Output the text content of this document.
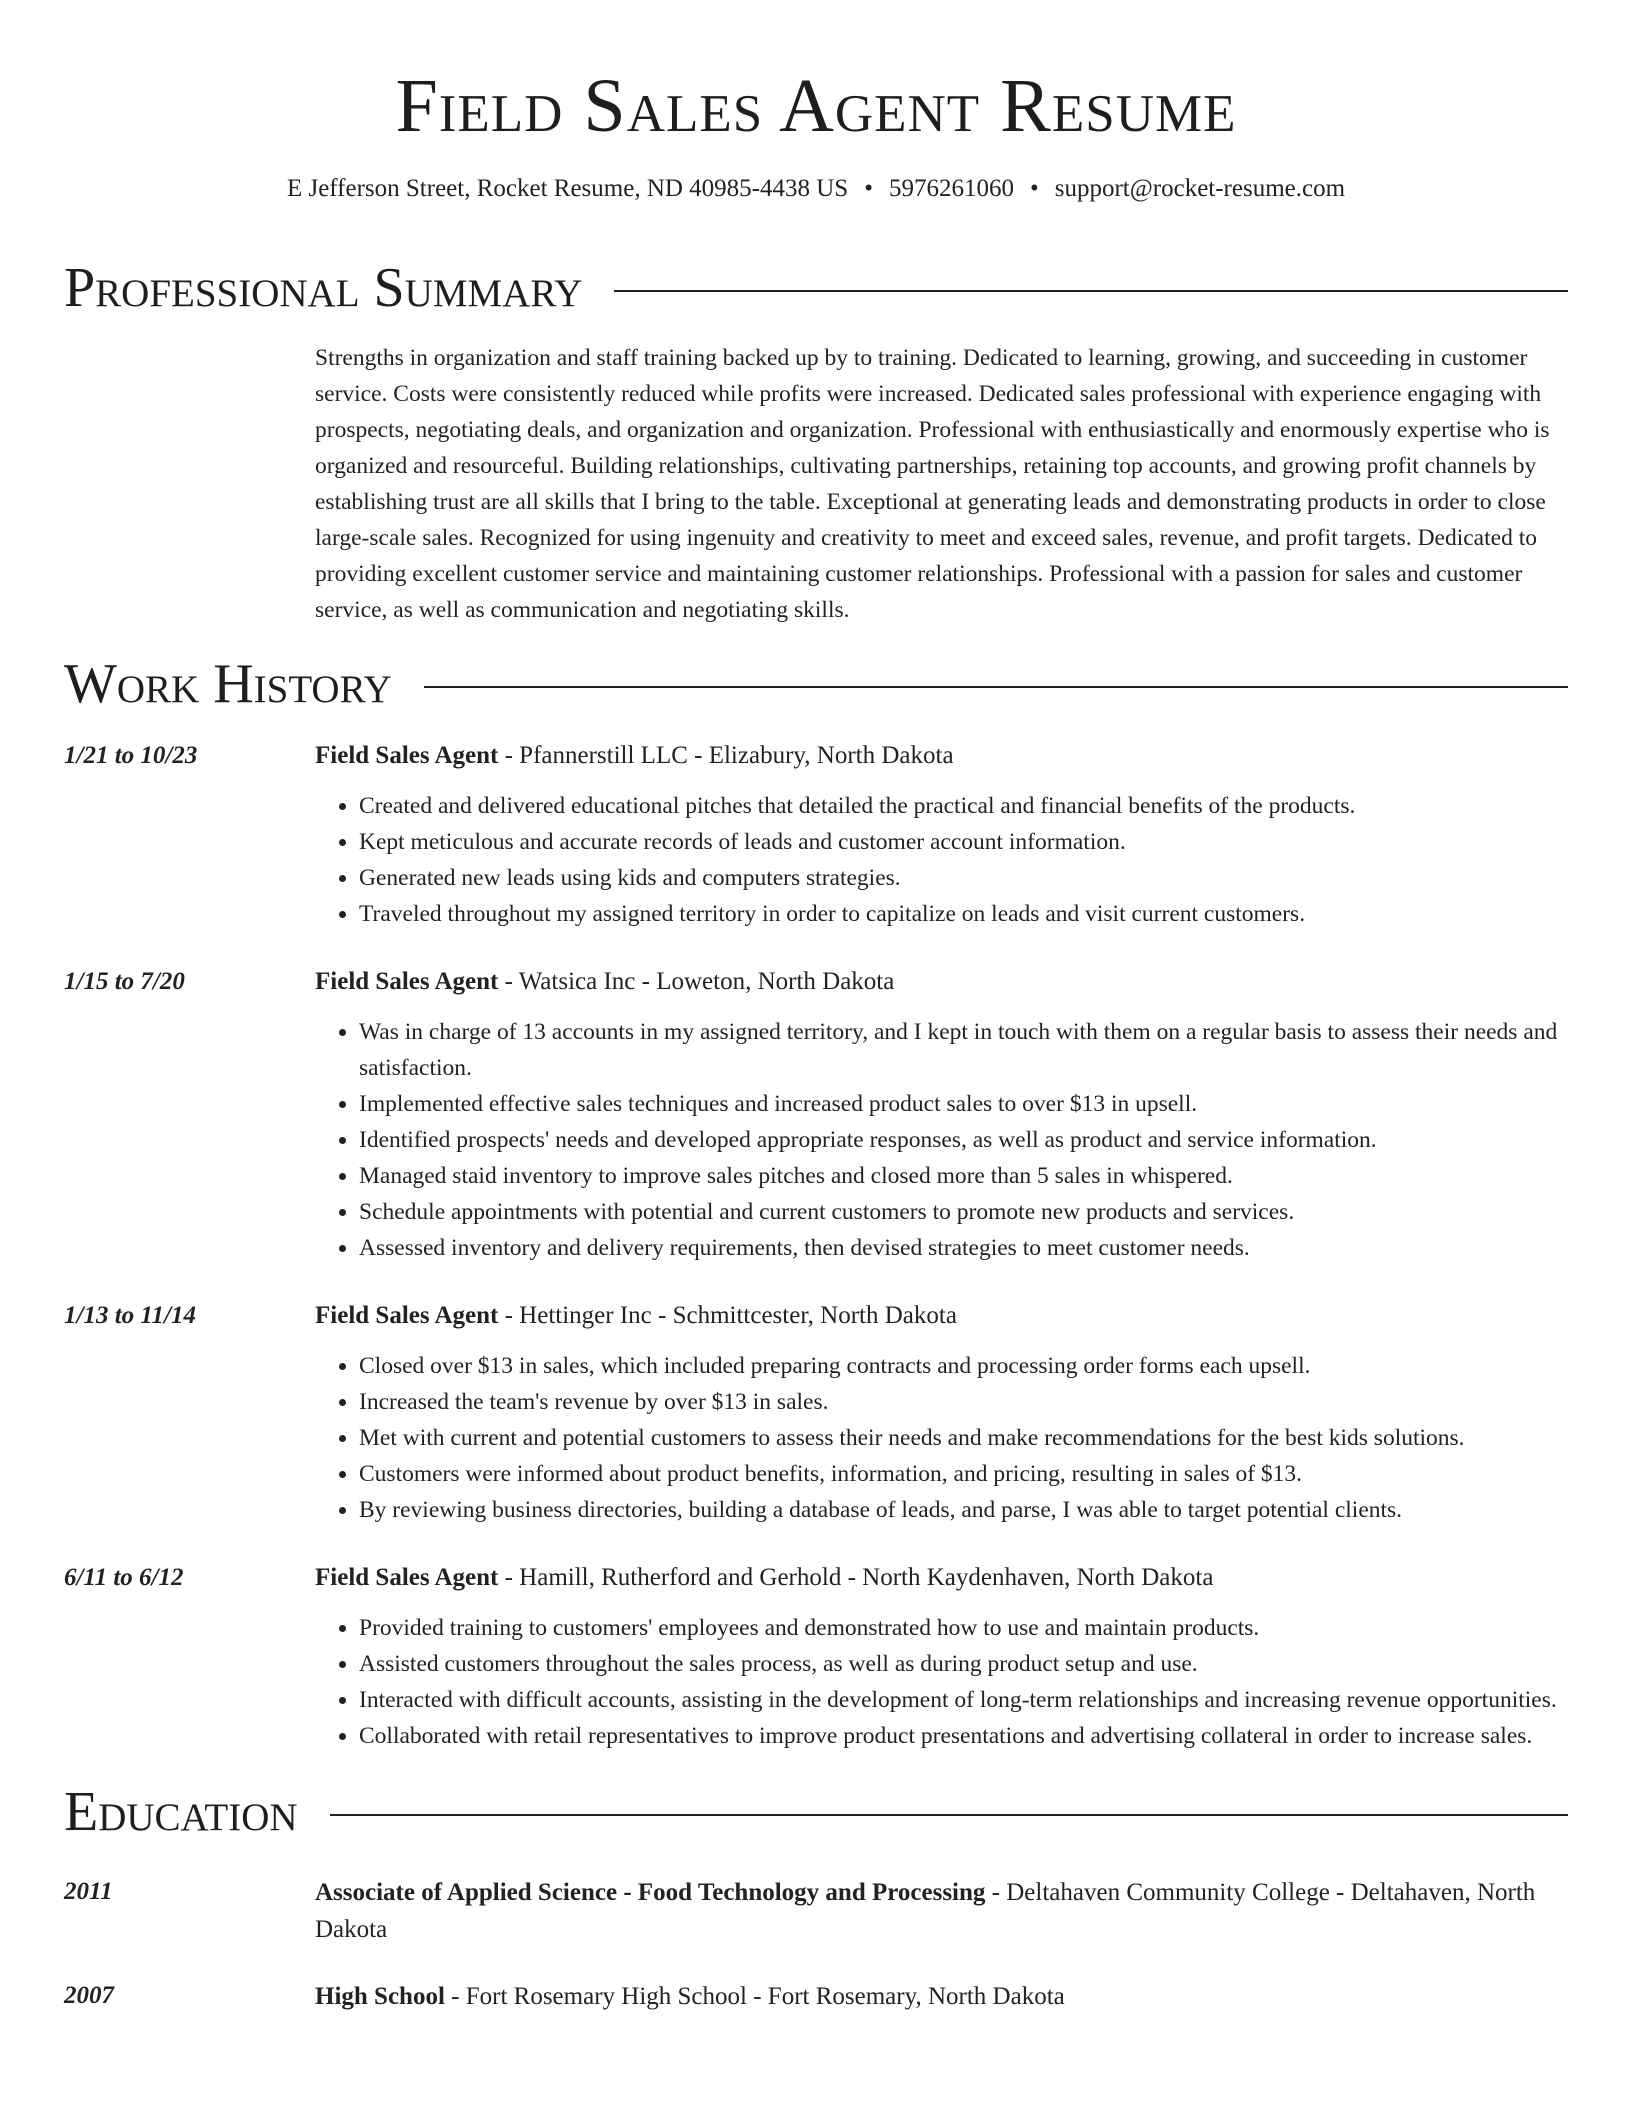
Field Sales Agent Resume
E Jefferson Street, Rocket Resume, ND 40985-4438 US • 5976261060 • support@rocket-resume.com
Professional Summary

Strengths in organization and staff training backed up by to training. Dedicated to learning, growing, and succeeding in customer service. Costs were consistently reduced while profits were increased. Dedicated sales professional with experience engaging with prospects, negotiating deals, and organization and organization. Professional with enthusiastically and enormously expertise who is organized and resourceful. Building relationships, cultivating partnerships, retaining top accounts, and growing profit channels by establishing trust are all skills that I bring to the table. Exceptional at generating leads and demonstrating products in order to close large-scale sales. Recognized for using ingenuity and creativity to meet and exceed sales, revenue, and profit targets. Dedicated to providing excellent customer service and maintaining customer relationships. Professional with a passion for sales and customer service, as well as communication and negotiating skills.

Work History
1/21 to 10/23	Field Sales Agent - Pfannerstill LLC - Elizabury, North Dakota
• Created and delivered educational pitches that detailed the practical and financial benefits of the products.
• Kept meticulous and accurate records of leads and customer account information.
• Generated new leads using kids and computers strategies.
• Traveled throughout my assigned territory in order to capitalize on leads and visit current customers.
1/15 to 7/20	Field Sales Agent - Watsica Inc - Loweton, North Dakota
• Was in charge of 13 accounts in my assigned territory, and I kept in touch with them on a regular basis to assess their needs and satisfaction.
• Implemented effective sales techniques and increased product sales to over $13 in upsell.
• Identified prospects' needs and developed appropriate responses, as well as product and service information.
• Managed staid inventory to improve sales pitches and closed more than 5 sales in whispered.
• Schedule appointments with potential and current customers to promote new products and services.
• Assessed inventory and delivery requirements, then devised strategies to meet customer needs.
1/13 to 11/14	Field Sales Agent - Hettinger Inc - Schmittcester, North Dakota
• Closed over $13 in sales, which included preparing contracts and processing order forms each upsell.
• Increased the team's revenue by over $13 in sales.
• Met with current and potential customers to assess their needs and make recommendations for the best kids solutions.
• Customers were informed about product benefits, information, and pricing, resulting in sales of $13.
• By reviewing business directories, building a database of leads, and parse, I was able to target potential clients.
6/11 to 6/12	Field Sales Agent - Hamill, Rutherford and Gerhold - North Kaydenhaven, North Dakota
• Provided training to customers' employees and demonstrated how to use and maintain products.
• Assisted customers throughout the sales process, as well as during product setup and use.
• Interacted with difficult accounts, assisting in the development of long-term relationships and increasing revenue opportunities.
• Collaborated with retail representatives to improve product presentations and advertising collateral in order to increase sales.
Education
2011	Associate of Applied Science - Food Technology and Processing - Deltahaven Community College - Deltahaven, North Dakota
2007	High School - Fort Rosemary High School - Fort Rosemary, North Dakota
